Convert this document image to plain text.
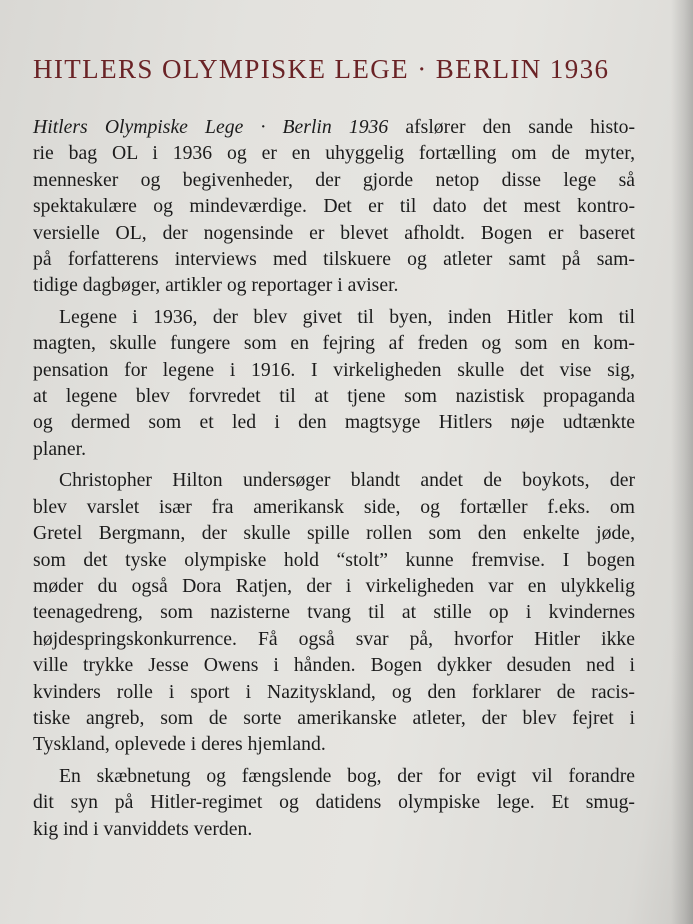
HITLERS OLYMPISKE LEGE · BERLIN 1936
Hitlers Olympiske Lege · Berlin 1936 afslører den sande histo-
rie bag OL i 1936 og er en uhyggelig fortælling om de myter,
mennesker og begivenheder, der gjorde netop disse lege så
spektakulære og mindeværdige. Det er til dato det mest kontro-
versielle OL, der nogensinde er blevet afholdt. Bogen er baseret
på forfatterens interviews med tilskuere og atleter samt på sam-
tidige dagbøger, artikler og reportager i aviser.
Legene i 1936, der blev givet til byen, inden Hitler kom til
magten, skulle fungere som en fejring af freden og som en kom-
pensation for legene i 1916. I virkeligheden skulle det vise sig,
at legene blev forvredet til at tjene som nazistisk propaganda
og dermed som et led i den magtsyge Hitlers nøje udtænkte
planer.
Christopher Hilton undersøger blandt andet de boykots, der
blev varslet især fra amerikansk side, og fortæller f.eks. om
Gretel Bergmann, der skulle spille rollen som den enkelte jøde,
som det tyske olympiske hold “stolt” kunne fremvise. I bogen
møder du også Dora Ratjen, der i virkeligheden var en ulykkelig
teenagedreng, som nazisterne tvang til at stille op i kvindernes
højdespringskonkurrence. Få også svar på, hvorfor Hitler ikke
ville trykke Jesse Owens i hånden. Bogen dykker desuden ned i
kvinders rolle i sport i Nazityskland, og den forklarer de racis-
tiske angreb, som de sorte amerikanske atleter, der blev fejret i
Tyskland, oplevede i deres hjemland.
En skæbnetung og fængslende bog, der for evigt vil forandre
dit syn på Hitler-regimet og datidens olympiske lege. Et smug-
kig ind i vanviddets verden.
